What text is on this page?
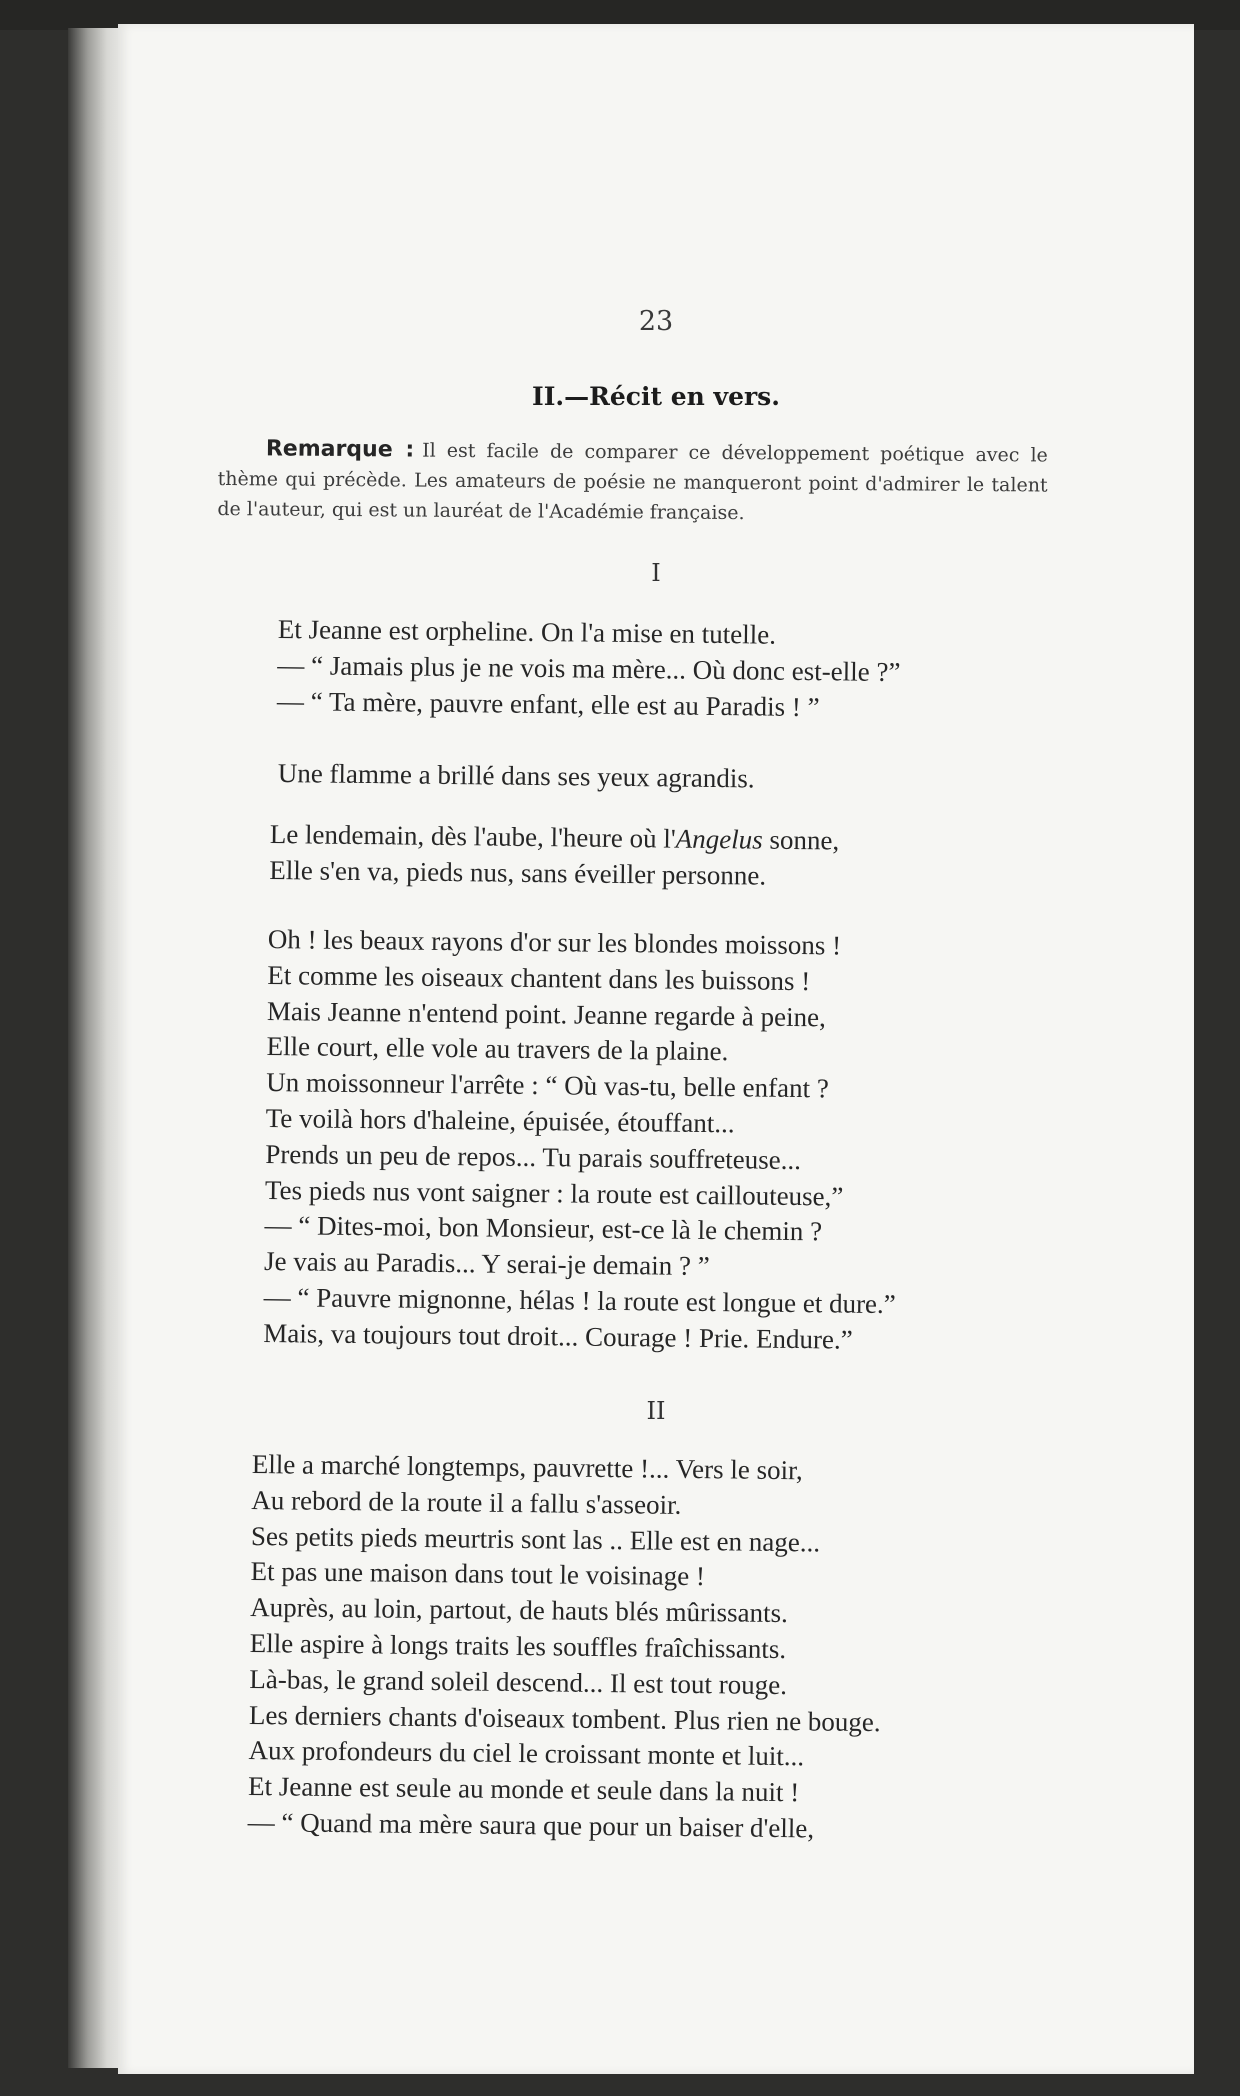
23
II.—Récit en vers.
Remarque : Il est facile de comparer ce développement poétique avec le thème qui précède. Les amateurs de poésie ne manqueront point d'admirer le talent de l'auteur, qui est un lauréat de l'Académie française.
I
Et Jeanne est orpheline. On l'a mise en tutelle.
— “ Jamais plus je ne vois ma mère... Où donc est-elle ?”
— “ Ta mère, pauvre enfant, elle est au Paradis ! ”
Une flamme a brillé dans ses yeux agrandis.
Le lendemain, dès l'aube, l'heure où l'Angelus sonne,
Elle s'en va, pieds nus, sans éveiller personne.
Oh ! les beaux rayons d'or sur les blondes moissons !
Et comme les oiseaux chantent dans les buissons !
Mais Jeanne n'entend point. Jeanne regarde à peine,
Elle court, elle vole au travers de la plaine.
Un moissonneur l'arrête : “ Où vas-tu, belle enfant ?
Te voilà hors d'haleine, épuisée, étouffant...
Prends un peu de repos... Tu parais souffreteuse...
Tes pieds nus vont saigner : la route est caillouteuse,”
— “ Dites-moi, bon Monsieur, est-ce là le chemin ?
Je vais au Paradis... Y serai-je demain ? ”
— “ Pauvre mignonne, hélas ! la route est longue et dure.”
Mais, va toujours tout droit... Courage ! Prie. Endure.”
II
Elle a marché longtemps, pauvrette !... Vers le soir,
Au rebord de la route il a fallu s'asseoir.
Ses petits pieds meurtris sont las .. Elle est en nage...
Et pas une maison dans tout le voisinage !
Auprès, au loin, partout, de hauts blés mûrissants.
Elle aspire à longs traits les souffles fraîchissants.
Là-bas, le grand soleil descend... Il est tout rouge.
Les derniers chants d'oiseaux tombent. Plus rien ne bouge.
Aux profondeurs du ciel le croissant monte et luit...
Et Jeanne est seule au monde et seule dans la nuit !
— “ Quand ma mère saura que pour un baiser d'elle,
